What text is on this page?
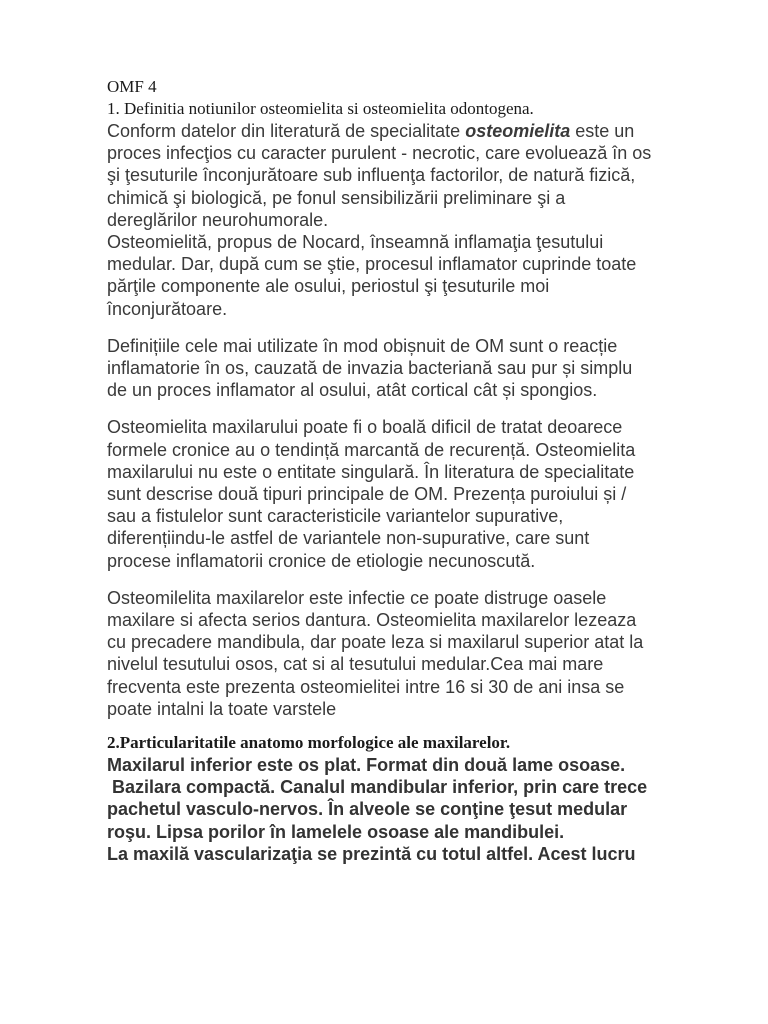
OMF 4
1. Definitia notiunilor osteomielita si osteomielita odontogena.
Conform datelor din literatură de specialitate osteomielita este un
proces infecţios cu caracter purulent - necrotic, care evoluează în os
şi ţesuturile înconjurătoare sub influenţa factorilor, de natură fizică,
chimică şi biologică, pe fonul sensibilizării preliminare şi a
dereglărilor neurohumorale.
Osteomielită, propus de Nocard, înseamnă inflamaţia ţesutului
medular. Dar, după cum se ştie, procesul inflamator cuprinde toate
părţile componente ale osului, periostul şi ţesuturile moi
înconjurătoare.
Definițiile cele mai utilizate în mod obișnuit de OM sunt o reacție
inflamatorie în os, cauzată de invazia bacteriană sau pur și simplu
de un proces inflamator al osului, atât cortical cât și spongios.
Osteomielita maxilarului poate fi o boală dificil de tratat deoarece
formele cronice au o tendință marcantă de recurență. Osteomielita
maxilarului nu este o entitate singulară. În literatura de specialitate
sunt descrise două tipuri principale de OM. Prezența puroiului și /
sau a fistulelor sunt caracteristicile variantelor supurative,
diferențiindu-le astfel de variantele non-supurative, care sunt
procese inflamatorii cronice de etiologie necunoscută.
Osteomilelita maxilarelor este infectie ce poate distruge oasele
maxilare si afecta serios dantura. Osteomielita maxilarelor lezeaza
cu precadere mandibula, dar poate leza si maxilarul superior atat la
nivelul tesutului osos, cat si al tesutului medular.Cea mai mare
frecventa este prezenta osteomielitei intre 16 si 30 de ani insa se
poate intalni la toate varstele
2.Particularitatile anatomo morfologice ale maxilarelor.
Maxilarul inferior este os plat. Format din două lame osoase.
Bazilara compactă. Canalul mandibular inferior, prin care trece
pachetul vasculo-nervos. În alveole se conţine ţesut medular
roşu. Lipsa porilor în lamelele osoase ale mandibulei.
La maxilă vascularizaţia se prezintă cu totul altfel. Acest lucru
